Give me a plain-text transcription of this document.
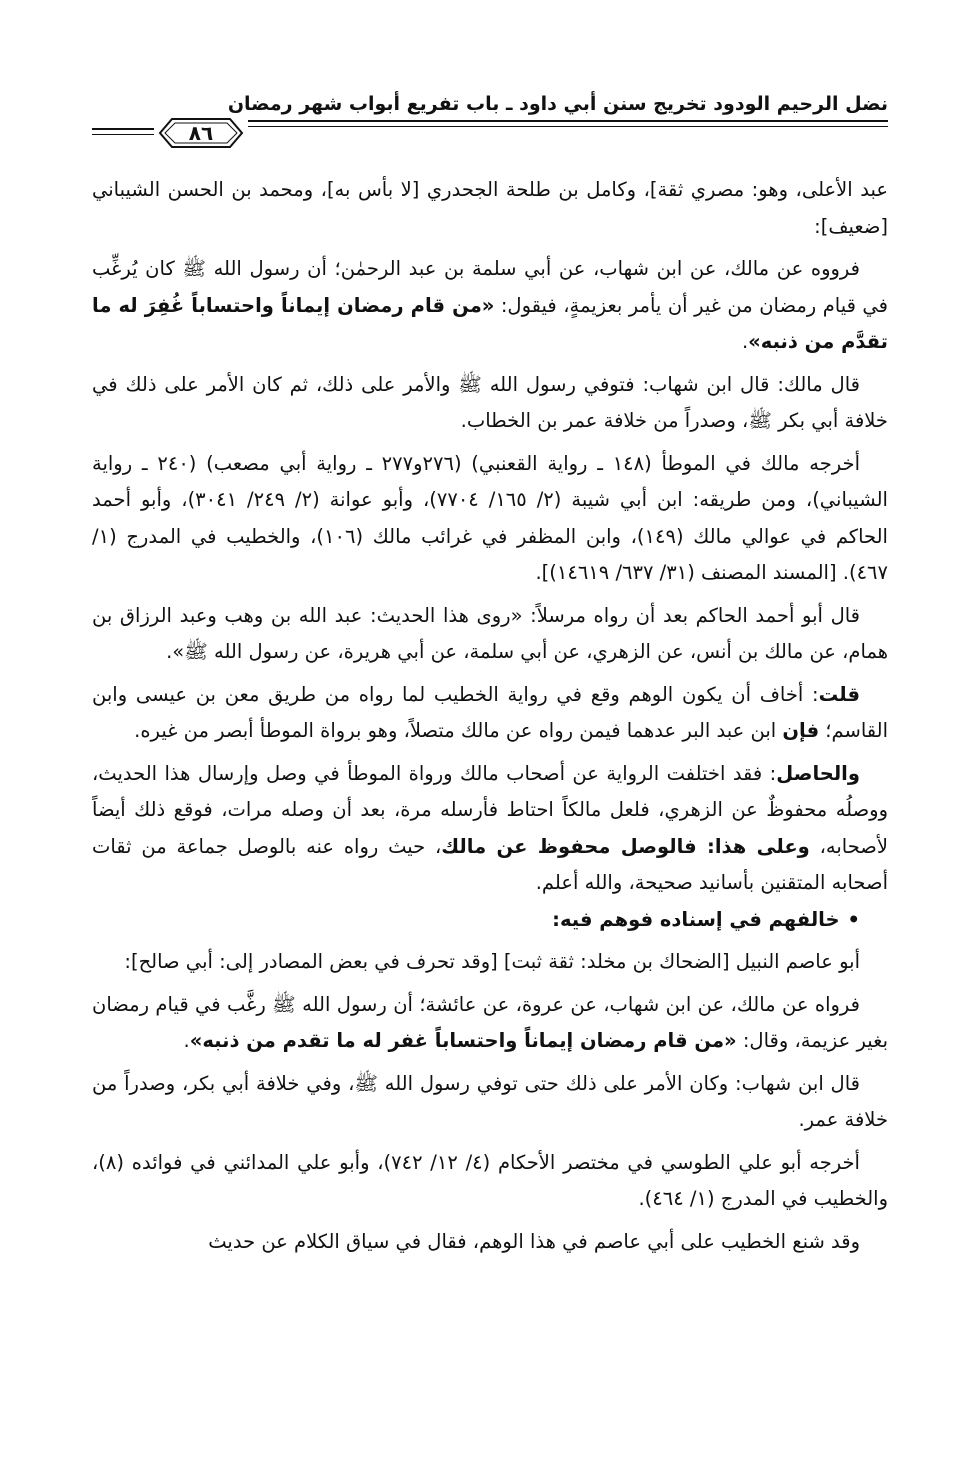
نضل الرحيم الودود تخريج سنن أبي داود ـ باب تفريع أبواب شهر رمضان
٨٦

عبد الأعلى، وهو: مصري ثقة]، وكامل بن طلحة الجحدري [لا بأس به]، ومحمد بن الحسن الشيباني [ضعيف]:

فرووه عن مالك، عن ابن شهاب، عن أبي سلمة بن عبد الرحمٰن؛ أن رسول الله ﷺ كان يُرغِّب في قيام رمضان من غير أن يأمر بعزيمةٍ، فيقول: «من قام رمضان إيماناً واحتساباً غُفِرَ له ما تقدَّم من ذنبه».

قال مالك: قال ابن شهاب: فتوفي رسول الله ﷺ والأمر على ذلك، ثم كان الأمر على ذلك في خلافة أبي بكر ﷺ، وصدراً من خلافة عمر بن الخطاب.

أخرجه مالك في الموطأ (١٤٨ ـ رواية القعنبي) (٢٧٦و٢٧٧ ـ رواية أبي مصعب) (٢٤٠ ـ رواية الشيباني)، ومن طريقه: ابن أبي شيبة (٢/ ١٦٥/ ٧٧٠٤)، وأبو عوانة (٢/ ٢٤٩/ ٣٠٤١)، وأبو أحمد الحاكم في عوالي مالك (١٤٩)، وابن المظفر في غرائب مالك (١٠٦)، والخطيب في المدرج (١/ ٤٦٧). [المسند المصنف (٣١/ ٦٣٧/ ١٤٦١٩)].

قال أبو أحمد الحاكم بعد أن رواه مرسلاً: «روى هذا الحديث: عبد الله بن وهب وعبد الرزاق بن همام، عن مالك بن أنس، عن الزهري، عن أبي سلمة، عن أبي هريرة، عن رسول الله ﷺ».

قلت: أخاف أن يكون الوهم وقع في رواية الخطيب لما رواه من طريق معن بن عيسى وابن القاسم؛ فإن ابن عبد البر عدهما فيمن رواه عن مالك متصلاً، وهو برواة الموطأ أبصر من غيره.

والحاصل: فقد اختلفت الرواية عن أصحاب مالك ورواة الموطأ في وصل وإرسال هذا الحديث، ووصلُه محفوظٌ عن الزهري، فلعل مالكاً احتاط فأرسله مرة، بعد أن وصله مرات، فوقع ذلك أيضاً لأصحابه، وعلى هذا: فالوصل محفوظ عن مالك، حيث رواه عنه بالوصل جماعة من ثقات أصحابه المتقنين بأسانيد صحيحة، والله أعلم.

•خالفهم في إسناده فوهم فيه:

أبو عاصم النبيل [الضحاك بن مخلد: ثقة ثبت] [وقد تحرف في بعض المصادر إلى: أبي صالح]:

فرواه عن مالك، عن ابن شهاب، عن عروة، عن عائشة؛ أن رسول الله ﷺ رغَّب في قيام رمضان بغير عزيمة، وقال: «من قام رمضان إيماناً واحتساباً غفر له ما تقدم من ذنبه».

قال ابن شهاب: وكان الأمر على ذلك حتى توفي رسول الله ﷺ، وفي خلافة أبي بكر، وصدراً من خلافة عمر.

أخرجه أبو علي الطوسي في مختصر الأحكام (٤/ ١٢/ ٧٤٢)، وأبو علي المدائني في فوائده (٨)، والخطيب في المدرج (١/ ٤٦٤).

وقد شنع الخطيب على أبي عاصم في هذا الوهم، فقال في سياق الكلام عن حديث
